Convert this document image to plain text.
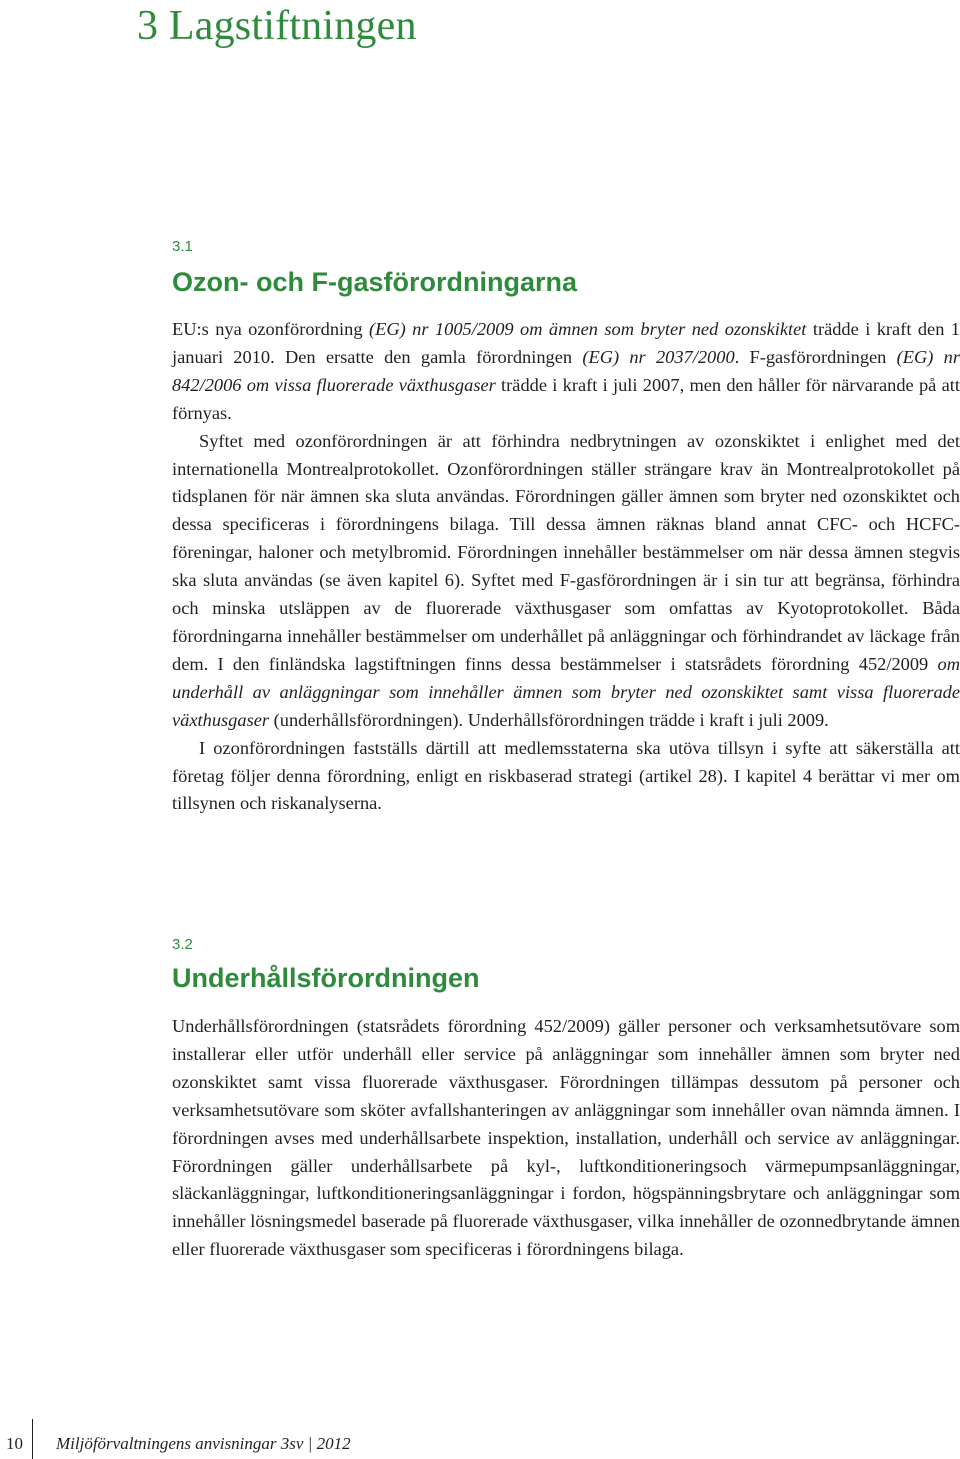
3 Lagstiftningen
3.1
Ozon- och F-gasförordningarna

EU:s nya ozonförordning (EG) nr 1005/2009 om ämnen som bryter ned ozonskiktet trädde i kraft den 1 januari 2010. Den ersatte den gamla förordningen (EG) nr 2037/2000. F-gasförordningen (EG) nr 842/2006 om vissa fluorerade växthusgaser trädde i kraft i juli 2007, men den håller för närvarande på att förnyas.

Syftet med ozonförordningen är att förhindra nedbrytningen av ozonskiktet i enlighet med det internationella Montrealprotokollet. Ozonförordningen ställer strängare krav än Montrealprotokollet på tidsplanen för när ämnen ska sluta användas. Förordningen gäller ämnen som bryter ned ozonskiktet och dessa specificeras i förordningens bilaga. Till dessa ämnen räknas bland annat CFC- och HCFC-föreningar, haloner och metylbromid. Förordningen innehåller bestämmelser om när dessa ämnen stegvis ska sluta användas (se även kapitel 6). Syftet med F-gasförordningen är i sin tur att begränsa, förhindra och minska utsläppen av de fluorerade växthusgaser som omfattas av Kyotoprotokollet. Båda förordningarna innehåller bestämmelser om underhållet på anläggningar och förhindrandet av läckage från dem. I den finländska lagstiftningen finns dessa bestämmelser i statsrådets förordning 452/2009 om underhåll av anläggningar som innehåller ämnen som bryter ned ozonskiktet samt vissa fluorerade växthusgaser (underhållsförordningen). Underhållsförordningen trädde i kraft i juli 2009.

I ozonförordningen fastställs därtill att medlemsstaterna ska utöva tillsyn i syfte att säkerställa att företag följer denna förordning, enligt en riskbaserad strategi (artikel 28). I kapitel 4 berättar vi mer om tillsynen och riskanalyserna.

3.2
Underhållsförordningen

Underhållsförordningen (statsrådets förordning 452/2009) gäller personer och verksamhetsutövare som installerar eller utför underhåll eller service på anläggningar som innehåller ämnen som bryter ned ozonskiktet samt vissa fluorerade växthusgaser. Förordningen tillämpas dessutom på personer och verksamhetsutövare som sköter avfallshanteringen av anläggningar som innehåller ovan nämnda ämnen. I förordningen avses med underhållsarbete inspektion, installation, underhåll och service av anläggningar. Förordningen gäller underhållsarbete på kyl-, luftkonditioneringsoch värmepumpsanläggningar, släckanläggningar, luftkonditioneringsanläggningar i fordon, högspänningsbrytare och anläggningar som innehåller lösningsmedel baserade på fluorerade växthusgaser, vilka innehåller de ozonnedbrytande ämnen eller fluorerade växthusgaser som specificeras i förordningens bilaga.

10 Miljöförvaltningens anvisningar 3sv | 2012
